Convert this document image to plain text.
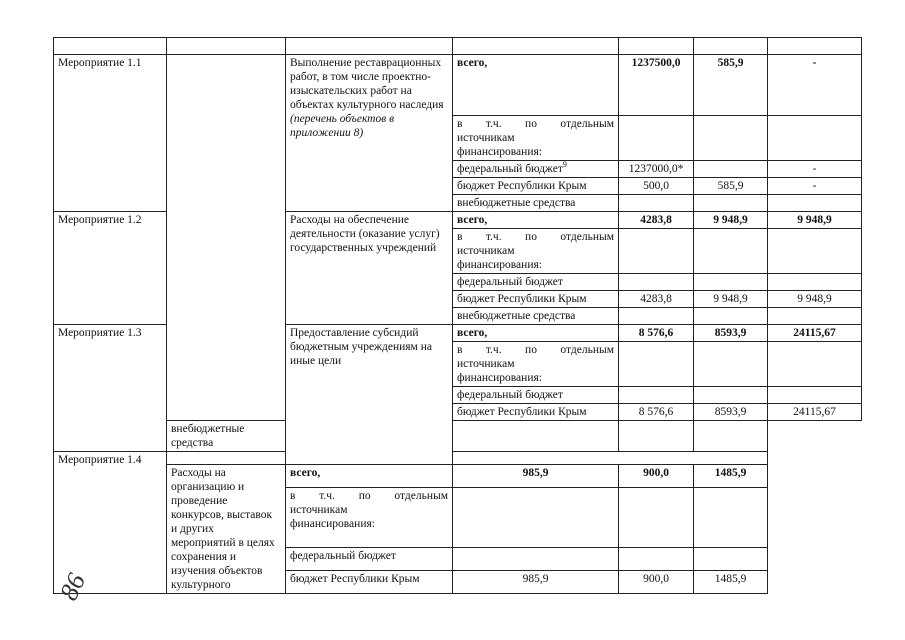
Мероприятие 1.1		Выполнение реставрационных работ, в том числе проектно-изыскательских работ на объектах культурного наследия (перечень объектов в приложении 8)	всего,	1237500,0	585,9	-

			в т.ч. по отдельным
источникам
финансирования:			

			федеральный бюджет$^9$	1237000,0*		-
			бюджет Республики Крым	500,0	585,9	-
			внебюджетные средства			
Мероприятие 1.2		Расходы на обеспечение деятельности (оказание услуг) государственных учреждений	всего,	4283,8	9 948,9	9 948,9

			в т.ч. по отдельным
источникам
финансирования:			

			федеральный бюджет			
			бюджет Республики Крым	4283,8	9 948,9	9 948,9
			внебюджетные средства			
Мероприятие 1.3		Предоставление субсидий бюджетным учреждениям на иные цели	всего,	8 576,6	8593,9	24115,67

			в т.ч. по отдельным
источникам
финансирования:			

			федеральный бюджет			
			бюджет Республики Крым	8 576,6	8593,9	24115,67
	внебюджетные средства					
Мероприятие 1.4						
	Расходы на организацию и проведение конкурсов, выставок и других мероприятий в целях сохранения и изучения объектов культурного	всего,	985,9	900,0	1485,9	

		в т.ч. по отдельным
источникам
финансирования:				

		федеральный бюджет				
		бюджет Республики Крым	985,9	900,0	1485,9	
86
